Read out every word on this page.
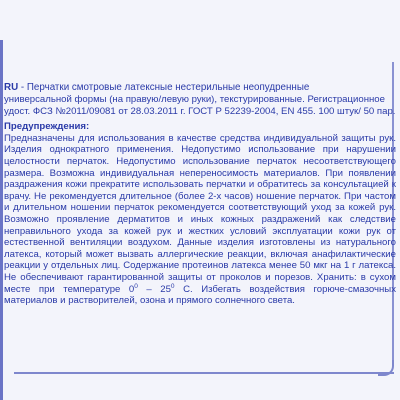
RU - Перчатки смотровые латексные нестерильные неопудренные

универсальной формы (на правую/левую руки), текстурированные. Регистрационное удост. ФСЗ №2011/09081 от 28.03.2011 г. ГОСТ Р 52239-2004, EN 455. 100 штук/ 50 пар.

Предупреждения:

Предназначены для использования в качестве средства индивидуальной защиты рук. Изделия однократного применения. Недопустимо использование при нарушении целостности перчаток. Недопустимо использование перчаток несоответствующего размера. Возможна индивидуальная непереносимость материалов. При появлении раздражения кожи прекратите использовать перчатки и обратитесь за консультацией к врачу. Не рекомендуется длительное (более 2-х часов) ношение перчаток. При частом и длительном ношении перчаток рекомендуется соответствующий уход за кожей рук. Возможно проявление дерматитов и иных кожных раздражений как следствие неправильного ухода за кожей рук и жестких условий эксплуатации кожи рук от естественной вентиляции воздухом. Данные изделия изготовлены из натурального латекса, который может вызвать аллергические реакции, включая анафилактические реакции у отдельных лиц. Содержание протеинов латекса менее 50 мкг на 1 г латекса. Не обеспечивают гарантированной защиты от проколов и порезов. Хранить: в сухом месте при температуре $0^0 - 25^0$ С. Избегать воздействия горюче-смазочных материалов и растворителей, озона и прямого солнечного света.
